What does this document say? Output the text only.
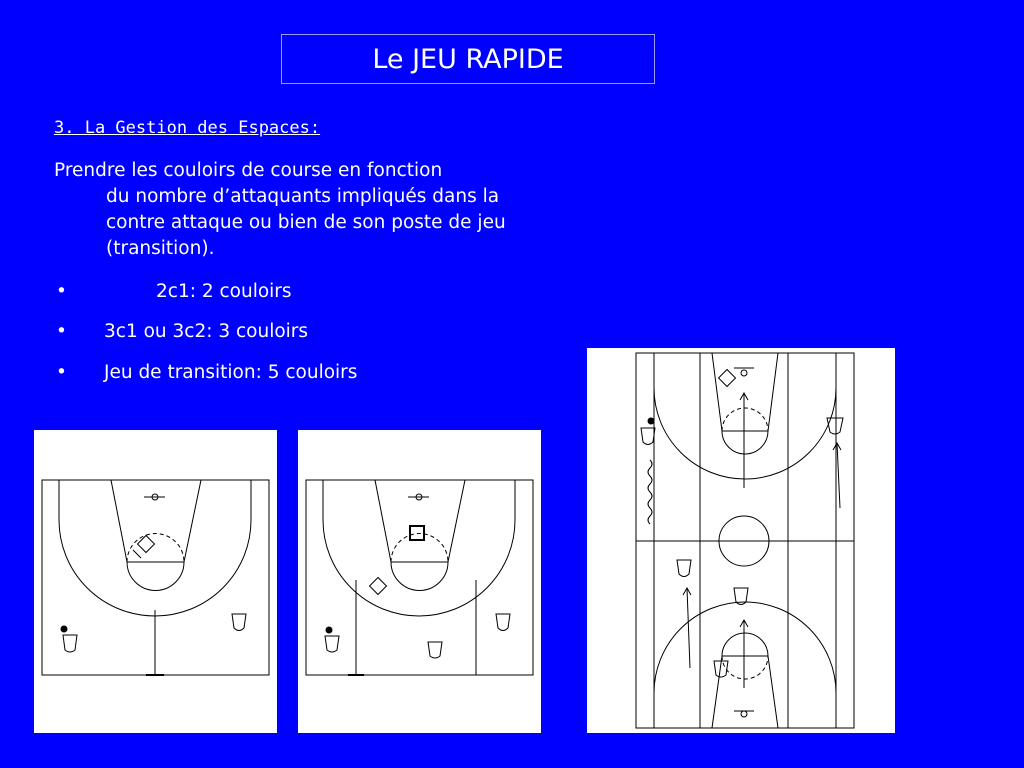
Le JEU RAPIDE
3. La Gestion des Espaces:
Prendre les couloirs de course en fonction
du nombre d’attaquants impliqués dans la contre attaque ou bien de son poste de jeu (transition).
•	2c1: 2 couloirs
• 3c1 ou 3c2: 3 couloirs
• Jeu de transition: 5 couloirs
